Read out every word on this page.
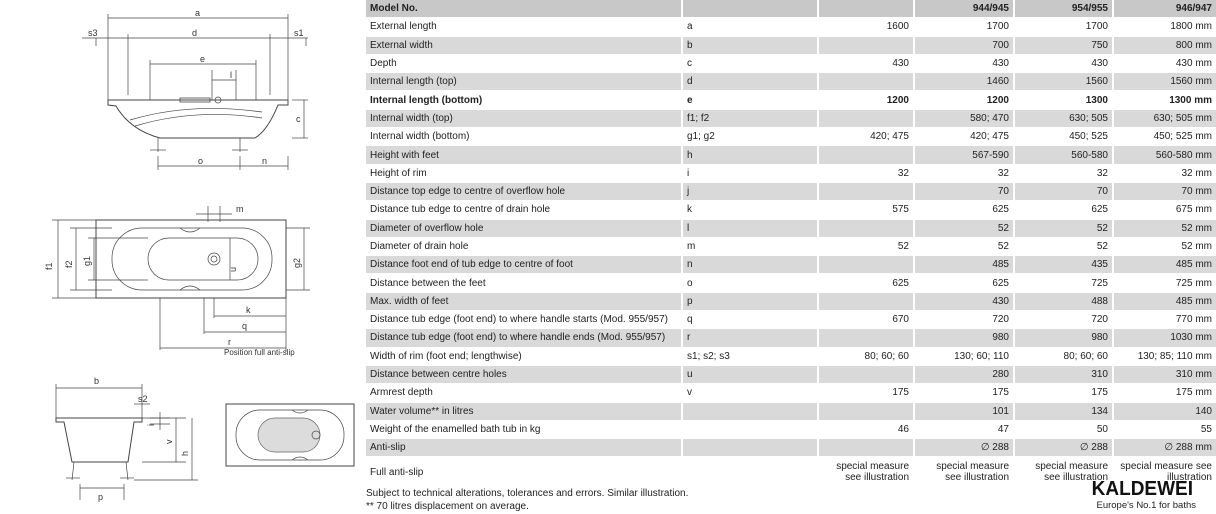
a
d
s3	s1
e
l
c
o	n
m
f1 f2 g1
u
g2
k
q
r
b
s2
i
v
h
p
Position full anti-slip
Model No.			944/945	954/955	946/947
External length	a	1600	1700	1700	1800 mm
External width	b		700	750	800 mm
Depth	c	430	430	430	430 mm
Internal length (top)	d		1460	1560	1560 mm
Internal length (bottom)	e	1200	1200	1300	1300 mm
Internal width (top)	f1; f2		580; 470	630; 505	630; 505 mm
Internal width (bottom)	g1; g2	420; 475	420; 475	450; 525	450; 525 mm
Height with feet	h		567-590	560-580	560-580 mm
Height of rim	i	32	32	32	32 mm
Distance top edge to centre of overflow hole	j		70	70	70 mm
Distance tub edge to centre of drain hole	k	575	625	625	675 mm
Diameter of overflow hole	l		52	52	52 mm
Diameter of drain hole	m	52	52	52	52 mm
Distance foot end of tub edge to centre of foot	n		485	435	485 mm
Distance between the feet	o	625	625	725	725 mm
Max. width of feet	p		430	488	485 mm
Distance tub edge (foot end) to where handle starts (Mod. 955/957)	q	670	720	720	770 mm
Distance tub edge (foot end) to where handle ends (Mod. 955/957)	r		980	980	1030 mm
Width of rim (foot end; lengthwise)	s1; s2; s3	80; 60; 60	130; 60; 110	80; 60; 60	130; 85; 110 mm
Distance between centre holes	u		280	310	310 mm
Armrest depth	v	175	175	175	175 mm
Water volume** in litres			101	134	140
Weight of the enamelled bath tub in kg		46	47	50	55
Anti-slip			∅ 288	∅ 288	∅ 288 mm
Full anti-slip		special measure see illustration	special measure see illustration	special measure see illustration	special measure see illustration
Subject to technical alterations, tolerances and errors. Similar illustration.
** 70 litres displacement on average.
KALDEWEI
Europe's No.1 for baths
